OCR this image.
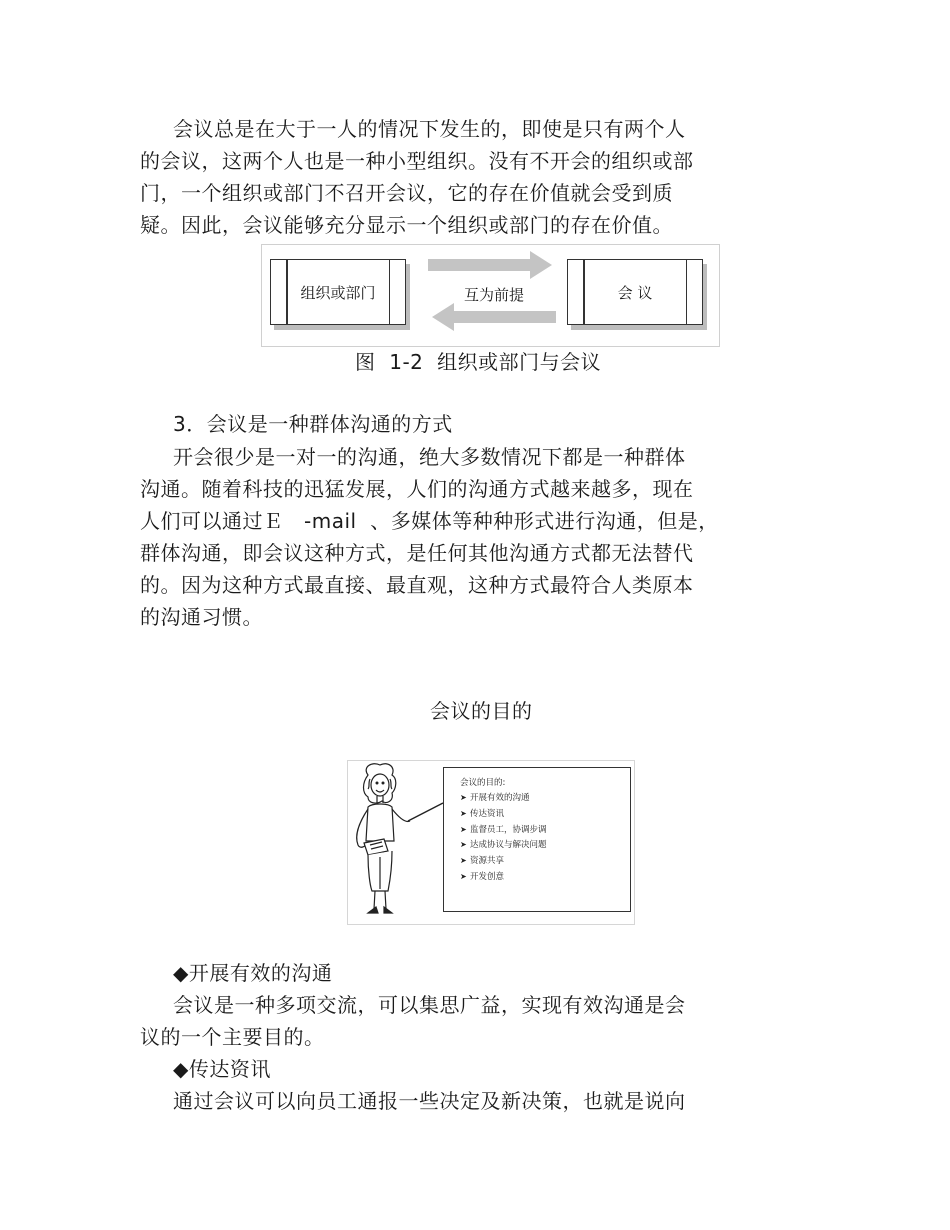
会议总是在大于一人的情况下发生的，即使是只有两个人
的会议，这两个人也是一种小型组织。没有不开会的组织或部
门，一个组织或部门不召开会议，它的存在价值就会受到质
疑。因此，会议能够充分显示一个组织或部门的存在价值。
组织或部门	会 议
互为前提
图  1-2  组织或部门与会议
3．会议是一种群体沟通的方式
开会很少是一对一的沟通，绝大多数情况下都是一种群体
沟通。随着科技的迅猛发展，人们的沟通方式越来越多，现在
人们可以通过Ｅ　-mail  、多媒体等种种形式进行沟通，但是，
群体沟通，即会议这种方式，是任何其他沟通方式都无法替代
的。因为这种方式最直接、最直观，这种方式最符合人类原本
的沟通习惯。
会议的目的
会议的目的:
➤ 开展有效的沟通
➤ 传达资讯
➤ 监督员工，协调步调
➤ 达成协议与解决问题
➤ 资源共享
➤ 开发创意
◆开展有效的沟通
会议是一种多项交流，可以集思广益，实现有效沟通是会
议的一个主要目的。
◆传达资讯
通过会议可以向员工通报一些决定及新决策，也就是说向
